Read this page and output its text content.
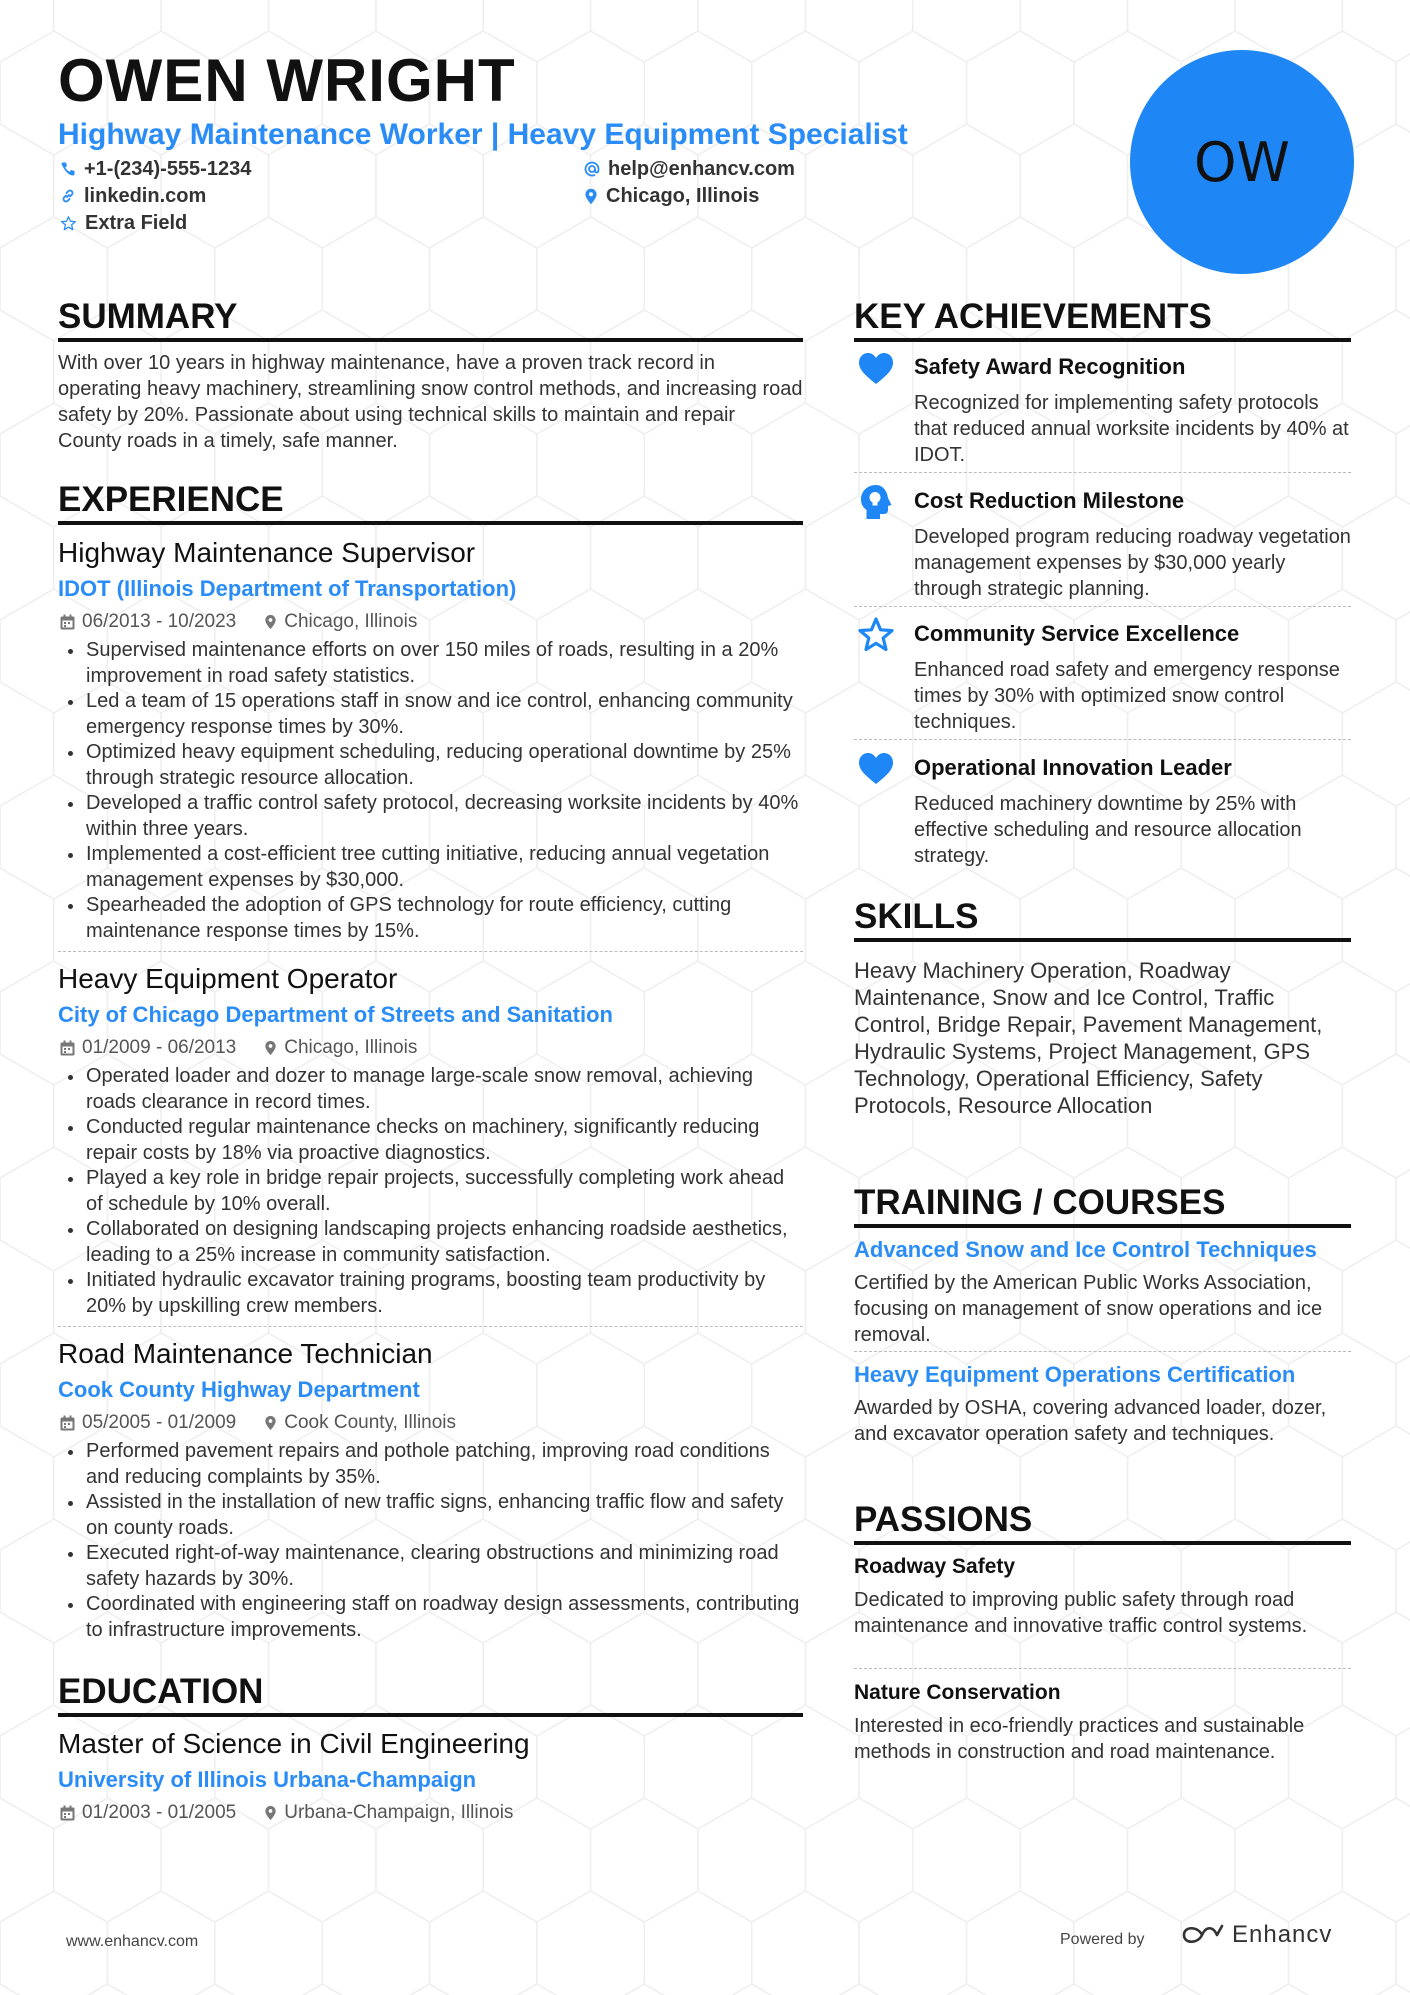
OWEN WRIGHT
Highway Maintenance Worker | Heavy Equipment Specialist
+1-(234)-555-1234	help@enhancv.com
linkedin.com	Chicago, Illinois
Extra Field
OW
SUMMARY
With over 10 years in highway maintenance, have a proven track record in operating heavy machinery, streamlining snow control methods, and increasing road safety by 20%. Passionate about using technical skills to maintain and repair County roads in a timely, safe manner.
EXPERIENCE
Highway Maintenance Supervisor
IDOT (Illinois Department of Transportation)
06/2013 - 10/2023	Chicago, Illinois
Supervised maintenance efforts on over 150 miles of roads, resulting in a 20% improvement in road safety statistics.
Led a team of 15 operations staff in snow and ice control, enhancing community emergency response times by 30%.
Optimized heavy equipment scheduling, reducing operational downtime by 25% through strategic resource allocation.
Developed a traffic control safety protocol, decreasing worksite incidents by 40% within three years.
Implemented a cost-efficient tree cutting initiative, reducing annual vegetation management expenses by $30,000.
Spearheaded the adoption of GPS technology for route efficiency, cutting maintenance response times by 15%.
Heavy Equipment Operator
City of Chicago Department of Streets and Sanitation
01/2009 - 06/2013	Chicago, Illinois
Operated loader and dozer to manage large-scale snow removal, achieving roads clearance in record times.
Conducted regular maintenance checks on machinery, significantly reducing repair costs by 18% via proactive diagnostics.
Played a key role in bridge repair projects, successfully completing work ahead of schedule by 10% overall.
Collaborated on designing landscaping projects enhancing roadside aesthetics, leading to a 25% increase in community satisfaction.
Initiated hydraulic excavator training programs, boosting team productivity by 20% by upskilling crew members.
Road Maintenance Technician
Cook County Highway Department
05/2005 - 01/2009	Cook County, Illinois
Performed pavement repairs and pothole patching, improving road conditions and reducing complaints by 35%.
Assisted in the installation of new traffic signs, enhancing traffic flow and safety on county roads.
Executed right-of-way maintenance, clearing obstructions and minimizing road safety hazards by 30%.
Coordinated with engineering staff on roadway design assessments, contributing to infrastructure improvements.
EDUCATION
Master of Science in Civil Engineering
University of Illinois Urbana-Champaign
01/2003 - 01/2005	Urbana-Champaign, Illinois
KEY ACHIEVEMENTS
Safety Award Recognition
Recognized for implementing safety protocols that reduced annual worksite incidents by 40% at IDOT.
Cost Reduction Milestone
Developed program reducing roadway vegetation management expenses by $30,000 yearly through strategic planning.
Community Service Excellence
Enhanced road safety and emergency response times by 30% with optimized snow control techniques.
Operational Innovation Leader
Reduced machinery downtime by 25% with effective scheduling and resource allocation strategy.
SKILLS
Heavy Machinery Operation, Roadway Maintenance, Snow and Ice Control, Traffic Control, Bridge Repair, Pavement Management, Hydraulic Systems, Project Management, GPS Technology, Operational Efficiency, Safety Protocols, Resource Allocation
TRAINING / COURSES
Advanced Snow and Ice Control Techniques
Certified by the American Public Works Association, focusing on management of snow operations and ice removal.
Heavy Equipment Operations Certification
Awarded by OSHA, covering advanced loader, dozer, and excavator operation safety and techniques.
PASSIONS
Roadway Safety
Dedicated to improving public safety through road maintenance and innovative traffic control systems.
Nature Conservation
Interested in eco-friendly practices and sustainable methods in construction and road maintenance.
www.enhancv.com	Powered by	Enhancv
